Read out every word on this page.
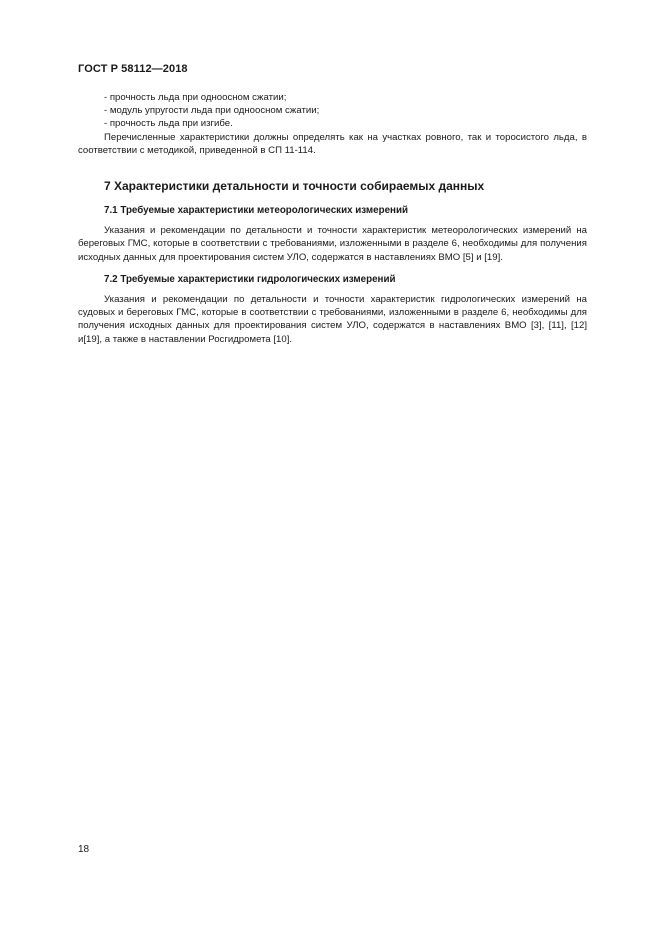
ГОСТ Р 58112—2018
- прочность льда при одноосном сжатии;
- модуль упругости льда при одноосном сжатии;
- прочность льда при изгибе.

Перечисленные характеристики должны определять как на участках ровного, так и торосистого льда, в соответствии с методикой, приведенной в СП 11-114.

7 Характеристики детальности и точности собираемых данных
7.1 Требуемые характеристики метеорологических измерений

Указания и рекомендации по детальности и точности характеристик метеорологических измерений на береговых ГМС, которые в соответствии с требованиями, изложенными в разделе 6, необходимы для получения исходных данных для проектирования систем УЛО, содержатся в наставлениях ВМО [5] и [19].

7.2 Требуемые характеристики гидрологических измерений

Указания и рекомендации по детальности и точности характеристик гидрологических измерений на судовых и береговых ГМС, которые в соответствии с требованиями, изложенными в разделе 6, необходимы для получения исходных данных для проектирования систем УЛО, содержатся в наставлениях ВМО [3], [11], [12] и[19], а также в наставлении Росгидромета [10].

18
